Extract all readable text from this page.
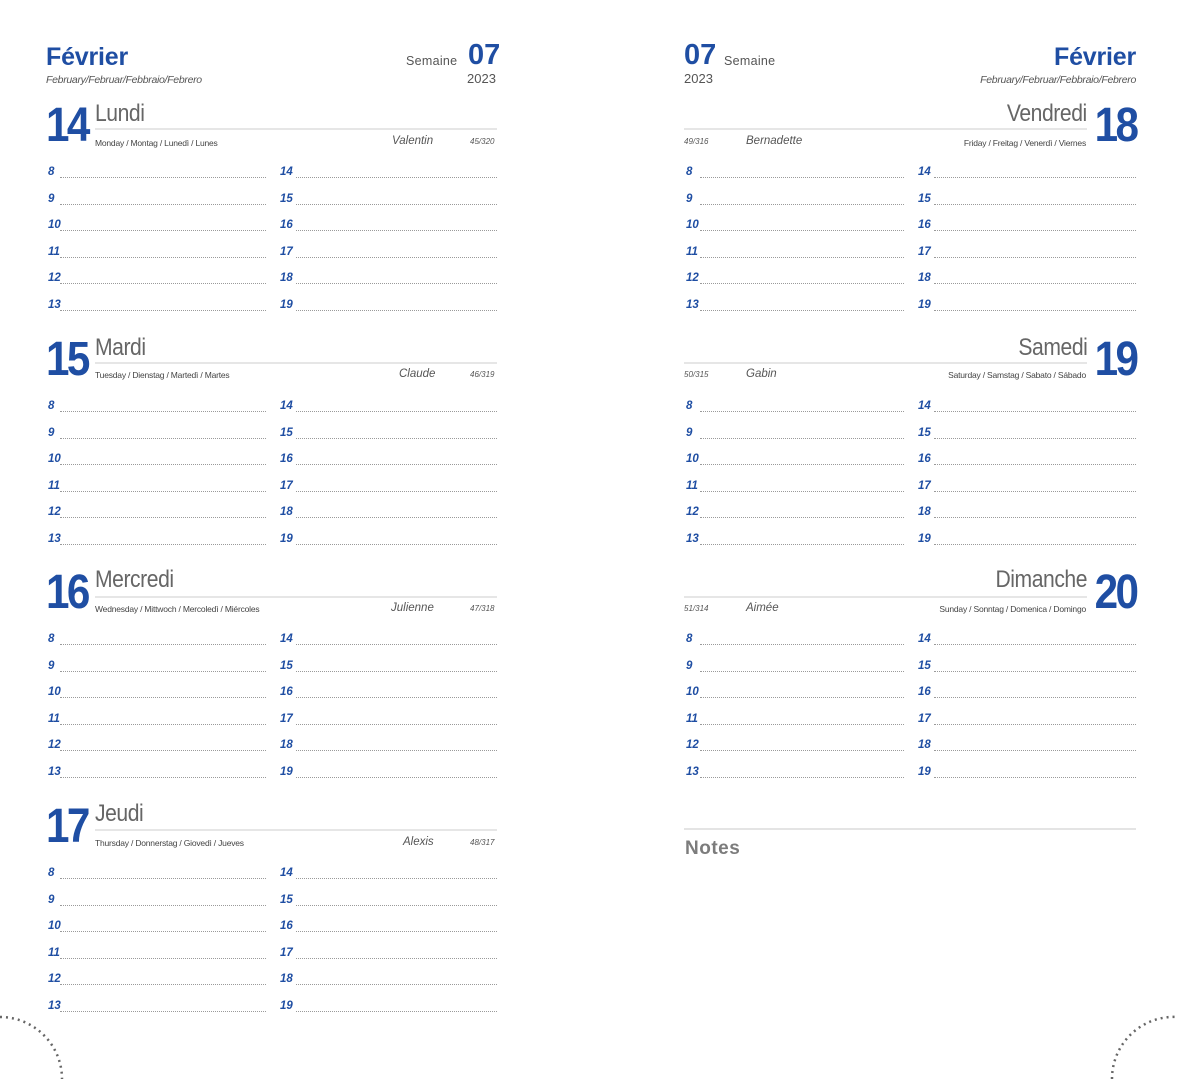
Février
February/Februar/Febbraio/Febrero
Semaine 07
2023
14 Lundi
Monday / Montag / Lunedì / Lunes	Valentin	45/320
15 Mardi
Tuesday / Dienstag / Martedì / Martes	Claude	46/319
16 Mercredi
Wednesday / Mittwoch / Mercoledì / Miércoles	Julienne	47/318
17 Jeudi
Thursday / Donnerstag / Giovedì / Jueves	Alexis	48/317
8
9
10
11
12
13
14
15
16
17
18
19
8
9
10
11
12
13
14
15
16
17
18
19
8
9
10
11
12
13
14
15
16
17
18
19
8
9
10
11
12
13
14
15
16
17
18
19
07 Semaine
2023
Février
February/Februar/Febbraio/Febrero
18
Vendredi
49/316	Bernadette	Friday / Freitag / Venerdì / Viernes
19
Samedi
50/315	Gabin	Saturday / Samstag / Sabato / Sábado
20
Dimanche
51/314	Aimée	Sunday / Sonntag / Domenica / Domingo
8
9
10
11
12
13
14
15
16
17
18
19
8
9
10
11
12
13
14
15
16
17
18
19
8
9
10
11
12
13
14
15
16
17
18
19
Notes
